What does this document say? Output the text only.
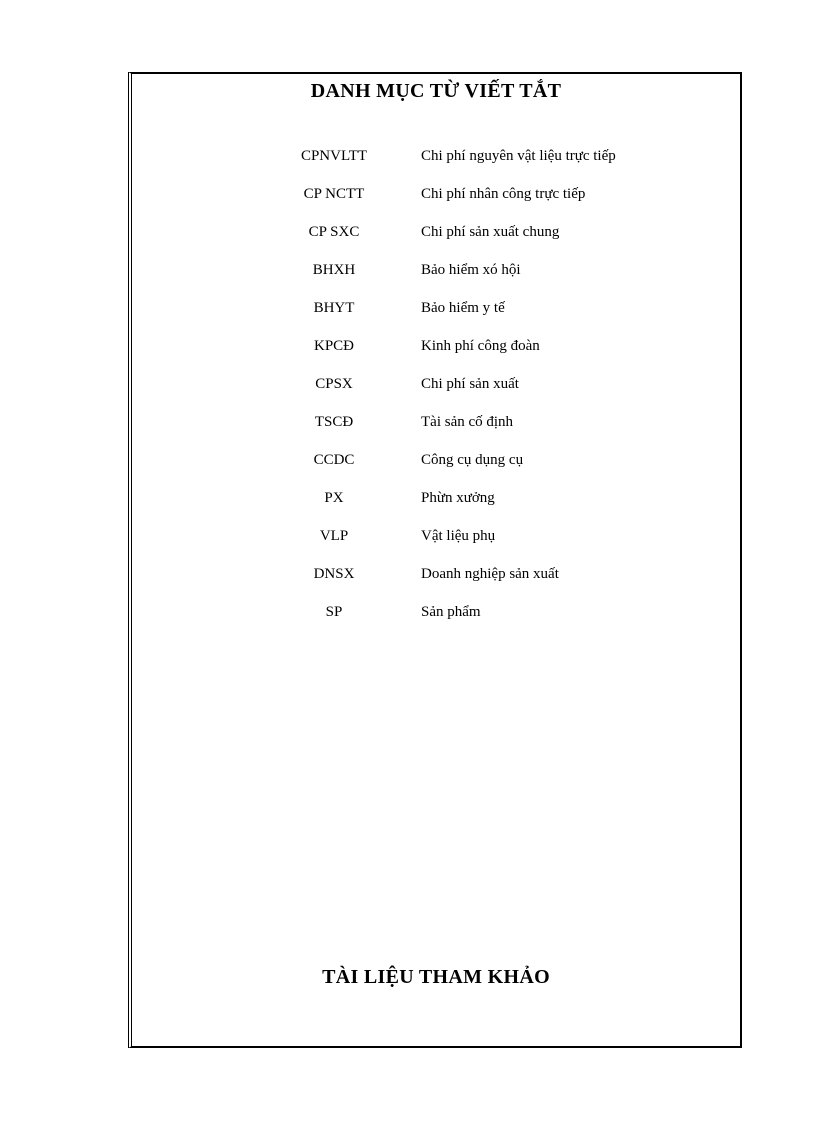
DANH MỤC TỪ VIẾT TẮT
CPNVLTT	Chi phí nguyên vật liệu trực tiếp
CP NCTT	Chi phí nhân công trực tiếp
CP SXC	Chi phí sản xuất chung
BHXH	Bảo hiểm xó hội
BHYT	Bảo hiểm y tế
KPCĐ	Kinh phí công đoàn
CPSX	Chi phí sản xuất
TSCĐ	Tài sản cố định
CCDC	Công cụ dụng cụ
PX	Phừn xưởng
VLP	Vật liệu phụ
DNSX	Doanh nghiệp sản xuất
SP	Sản phẩm
TÀI LIỆU THAM KHẢO
